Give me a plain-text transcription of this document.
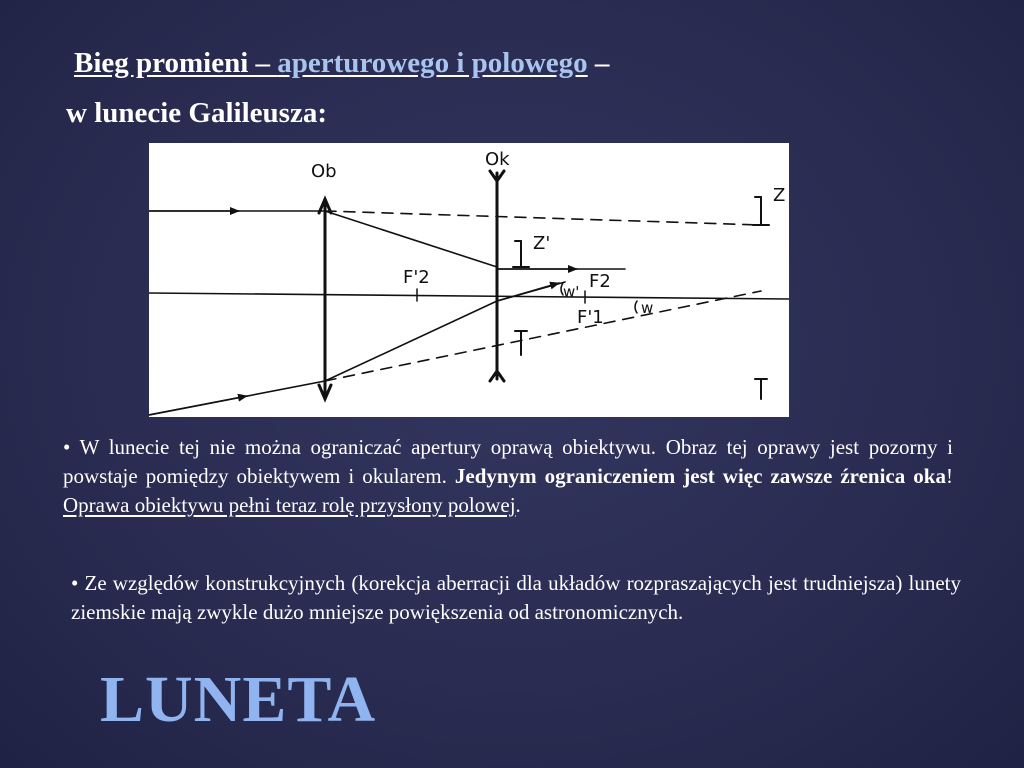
Bieg promieni – aperturowego i polowego –
w lunecie Galileusza:
Ob
Ok
Z
Z'
F'2	F2
F'1
w'
w
• W lunecie tej nie można ograniczać apertury oprawą obiektywu. Obraz tej oprawy jest pozorny i powstaje pomiędzy obiektywem i okularem. Jedynym ograniczeniem jest więc zawsze źrenica oka! Oprawa obiektywu pełni teraz rolę przysłony polowej.
• Ze względów konstrukcyjnych (korekcja aberracji dla układów rozpraszających jest trudniejsza) lunety ziemskie mają zwykle dużo mniejsze powiększenia od astronomicznych.
LUNETA
